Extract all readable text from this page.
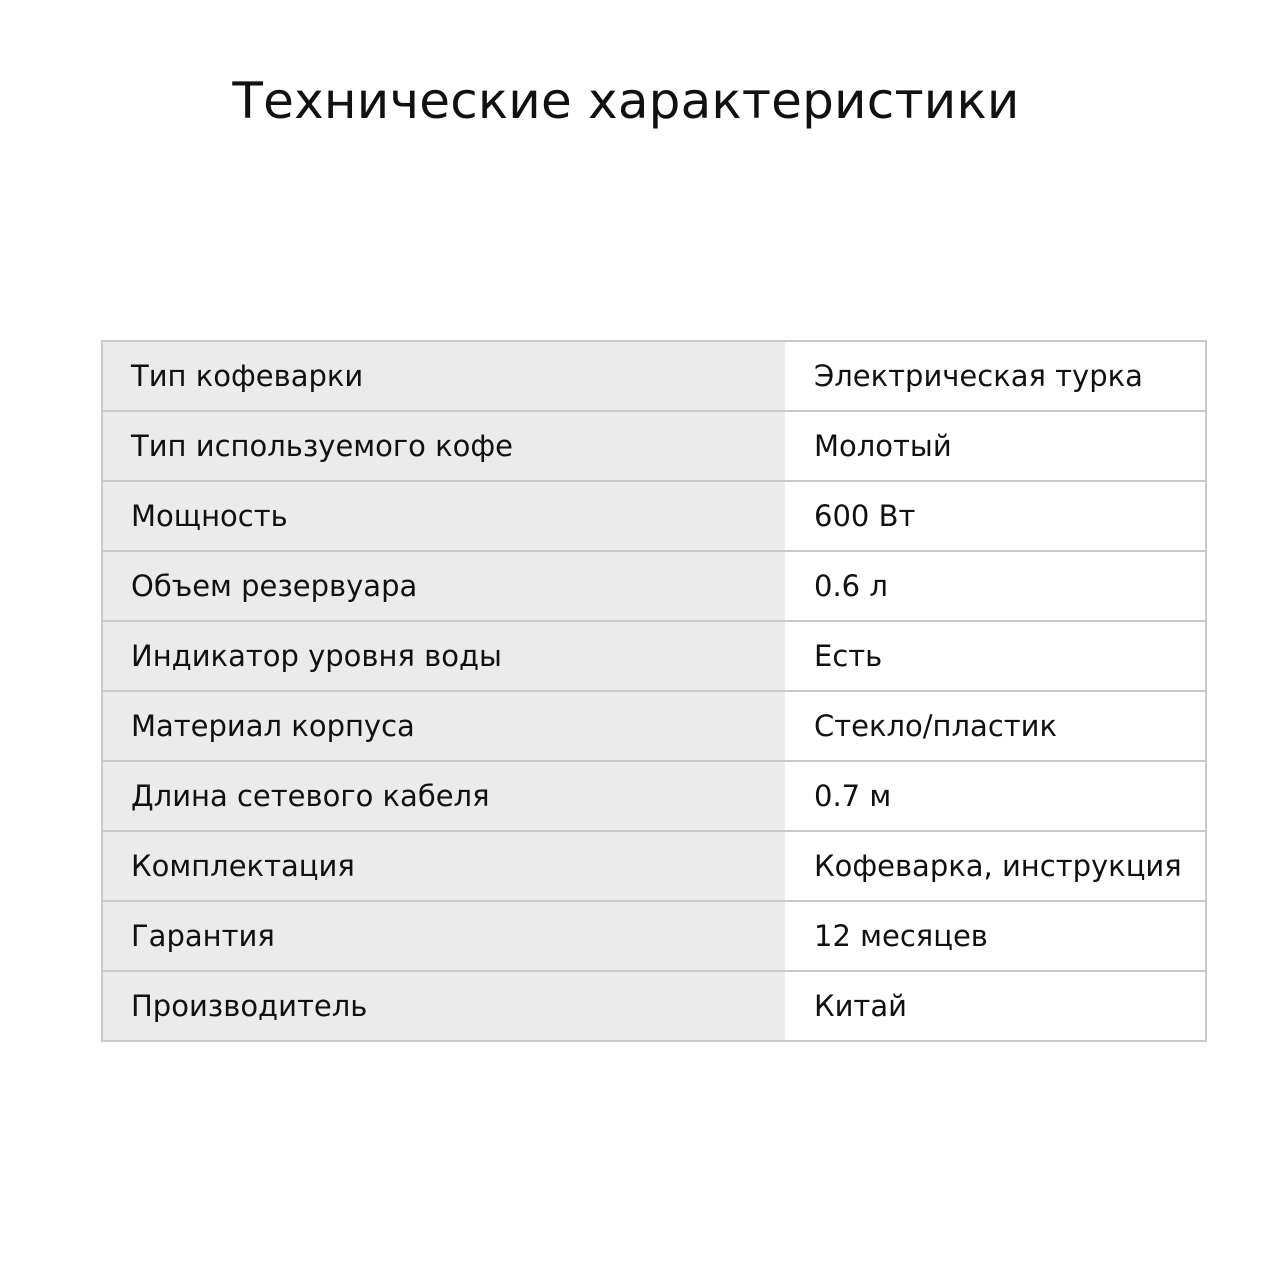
Технические характеристики
Тип кофеварки	Электрическая турка
Тип используемого кофе	Молотый
Мощность	600 Вт
Объем резервуара	0.6 л
Индикатор уровня воды	Есть
Материал корпуса	Стекло/пластик
Длина сетевого кабеля	0.7 м
Комплектация	Кофеварка, инструкция
Гарантия	12 месяцев
Производитель	Китай
